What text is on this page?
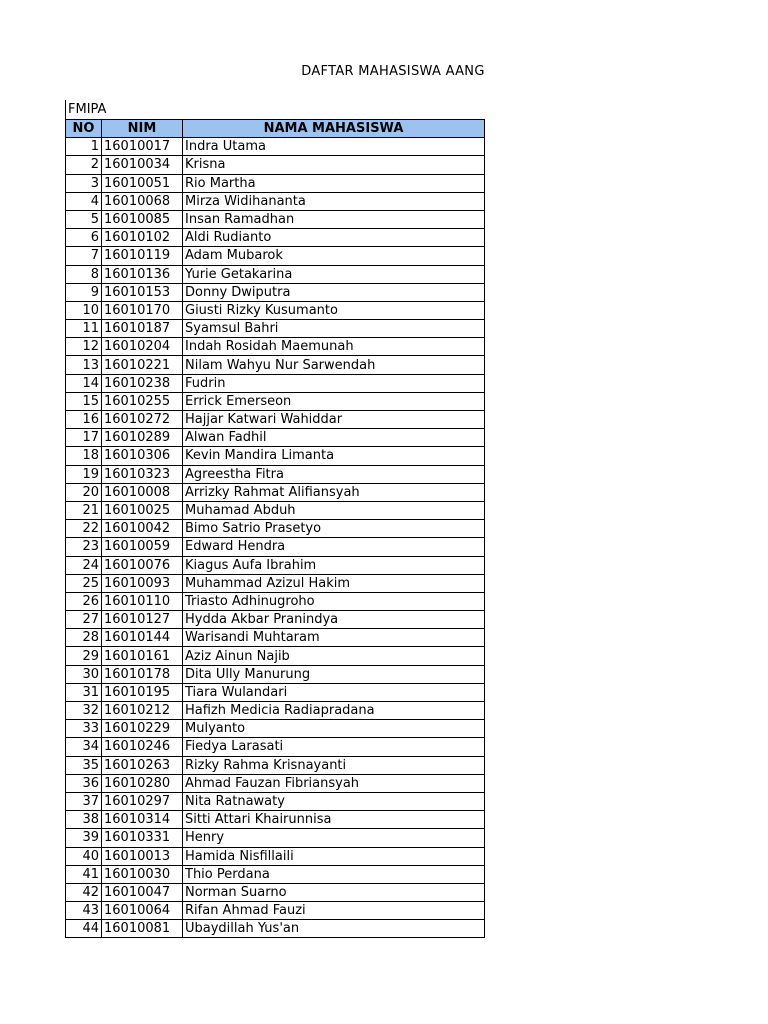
DAFTAR MAHASISWA AANG
FMIPA
NO	NIM	NAMA MAHASISWA
1	16010017	Indra Utama
2	16010034	Krisna
3	16010051	Rio Martha
4	16010068	Mirza Widihananta
5	16010085	Insan Ramadhan
6	16010102	Aldi Rudianto
7	16010119	Adam Mubarok
8	16010136	Yurie Getakarina
9	16010153	Donny Dwiputra
10	16010170	Giusti Rizky Kusumanto
11	16010187	Syamsul Bahri
12	16010204	Indah Rosidah Maemunah
13	16010221	Nilam Wahyu Nur Sarwendah
14	16010238	Fudrin
15	16010255	Errick Emerseon
16	16010272	Hajjar Katwari Wahiddar
17	16010289	Alwan Fadhil
18	16010306	Kevin Mandira Limanta
19	16010323	Agreestha Fitra
20	16010008	Arrizky Rahmat Alifiansyah
21	16010025	Muhamad Abduh
22	16010042	Bimo Satrio Prasetyo
23	16010059	Edward Hendra
24	16010076	Kiagus Aufa Ibrahim
25	16010093	Muhammad Azizul Hakim
26	16010110	Triasto Adhinugroho
27	16010127	Hydda Akbar Pranindya
28	16010144	Warisandi Muhtaram
29	16010161	Aziz Ainun Najib
30	16010178	Dita Ully Manurung
31	16010195	Tiara Wulandari
32	16010212	Hafizh Medicia Radiapradana
33	16010229	Mulyanto
34	16010246	Fiedya Larasati
35	16010263	Rizky Rahma Krisnayanti
36	16010280	Ahmad Fauzan Fibriansyah
37	16010297	Nita Ratnawaty
38	16010314	Sitti Attari Khairunnisa
39	16010331	Henry
40	16010013	Hamida Nisfillaili
41	16010030	Thio Perdana
42	16010047	Norman Suarno
43	16010064	Rifan Ahmad Fauzi
44	16010081	Ubaydillah Yus'an
